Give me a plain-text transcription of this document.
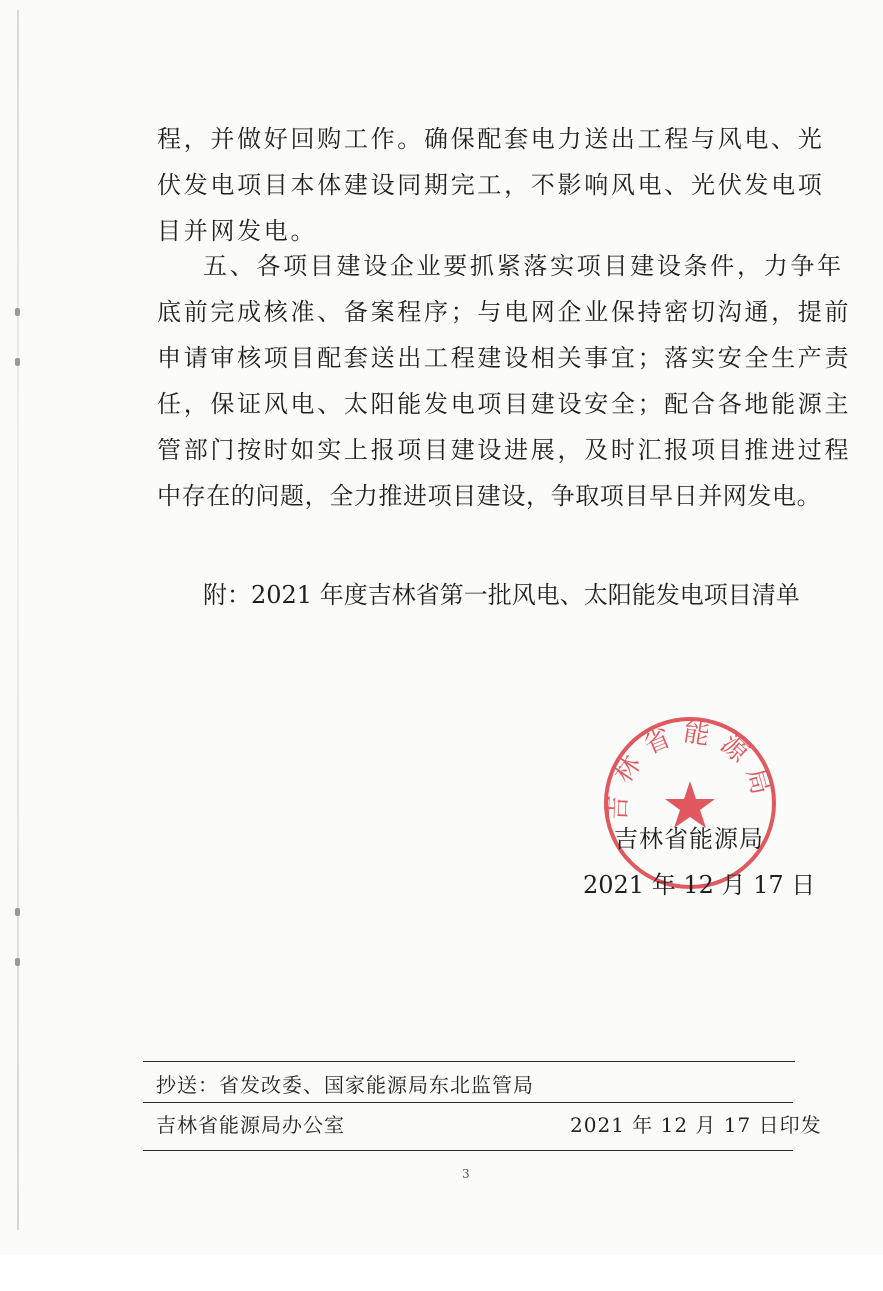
程，并做好回购工作。确保配套电力送出工程与风电、光
伏发电项目本体建设同期完工，不影响风电、光伏发电项
目并网发电。
五、各项目建设企业要抓紧落实项目建设条件，力争年
底前完成核准、备案程序；与电网企业保持密切沟通，提前
申请审核项目配套送出工程建设相关事宜；落实安全生产责
任，保证风电、太阳能发电项目建设安全；配合各地能源主
管部门按时如实上报项目建设进展，及时汇报项目推进过程
中存在的问题，全力推进项目建设，争取项目早日并网发电。
附：2021 年度吉林省第一批风电、太阳能发电项目清单
吉林省能源局
吉林省能源局
2021 年 12 月 17 日
抄送：省发改委、国家能源局东北监管局
吉林省能源局办公室	2021 年 12 月 17 日印发
3
